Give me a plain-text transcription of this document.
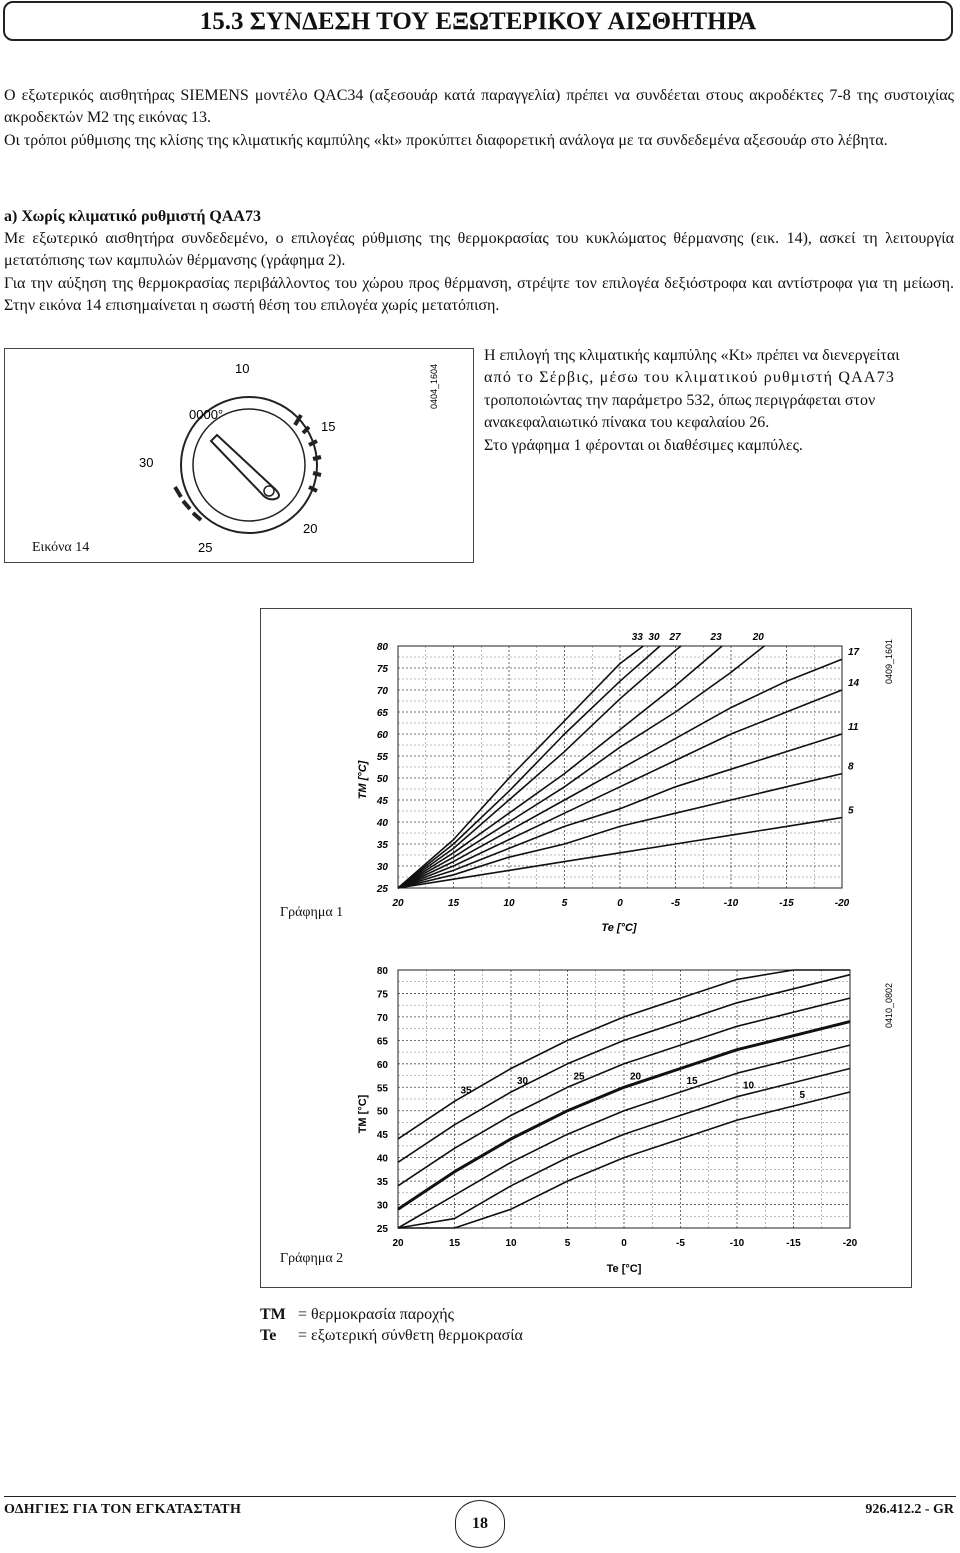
15.3 ΣΥΝΔΕΣΗ ΤΟΥ ΕΞΩΤΕΡΙΚΟΥ ΑΙΣΘΗΤΗΡΑ

Ο εξωτερικός αισθητήρας SIEMENS μοντέλο QAC34 (αξεσουάρ κατά παραγγελία) πρέπει να συνδέεται στους ακροδέκτες 7-8 της συστοιχίας ακροδεκτών M2 της εικόνας 13.

Οι τρόποι ρύθμισης της κλίσης της κλιματικής καμπύλης «kt» προκύπτει διαφορετική ανάλογα με τα συνδεδεμένα αξεσουάρ στο λέβητα.

a) Χωρίς κλιματικό ρυθμιστή QAA73

Με εξωτερικό αισθητήρα συνδεδεμένο, ο επιλογέας ρύθμισης της θερμοκρασίας του κυκλώματος θέρμανσης (εικ. 14), ασκεί τη λειτουργία μετατόπισης των καμπυλών θέρμανσης (γράφημα 2).

Για την αύξηση της θερμοκρασίας περιβάλλοντος του χώρου προς θέρμανση, στρέψτε τον επιλογέα δεξιόστροφα και αντίστροφα για τη μείωση. Στην εικόνα 14 επισημαίνεται η σωστή θέση του επιλογέα χωρίς μετατόπιση.

0000°
10
15
20
25
30
0404_1604
Εικόνα 14
Η επιλογή της κλιματικής καμπύλης «Kt» πρέπει να διενεργείται
από το Σέρβις, μέσω του κλιματικού ρυθμιστή QAA73
τροποποιώντας την παράμετρο 532, όπως περιγράφεται στον
ανακεφαλαιωτικό πίνακα του κεφαλαίου 26.
Στο γράφημα 1 φέρονται οι διαθέσιμες καμπύλες.
80
75
70
65
60
55
50
45
40
35
30
25
20	15	10	5	0	-5	-10	-15	-20
33 30 27	23	20
17
14
11
8
5
TM [°C]
Te [°C]
0409_1601
Γράφημα 1
80
75
70
65
60
55
50
45
40
35
30
25
20	15	10	5	0	-5	-10	-15	-20
35
30	25	20	15	10
5
TM [°C]
Te [°C]
0410_0802
Γράφημα 2
TM = θερμοκρασία παροχής
Te = εξωτερική σύνθετη θερμοκρασία
ΟΔΗΓΙΕΣ ΓΙΑ ΤΟΝ ΕΓΚΑΤΑΣΤΑΤΗ
18
926.412.2 - GR
